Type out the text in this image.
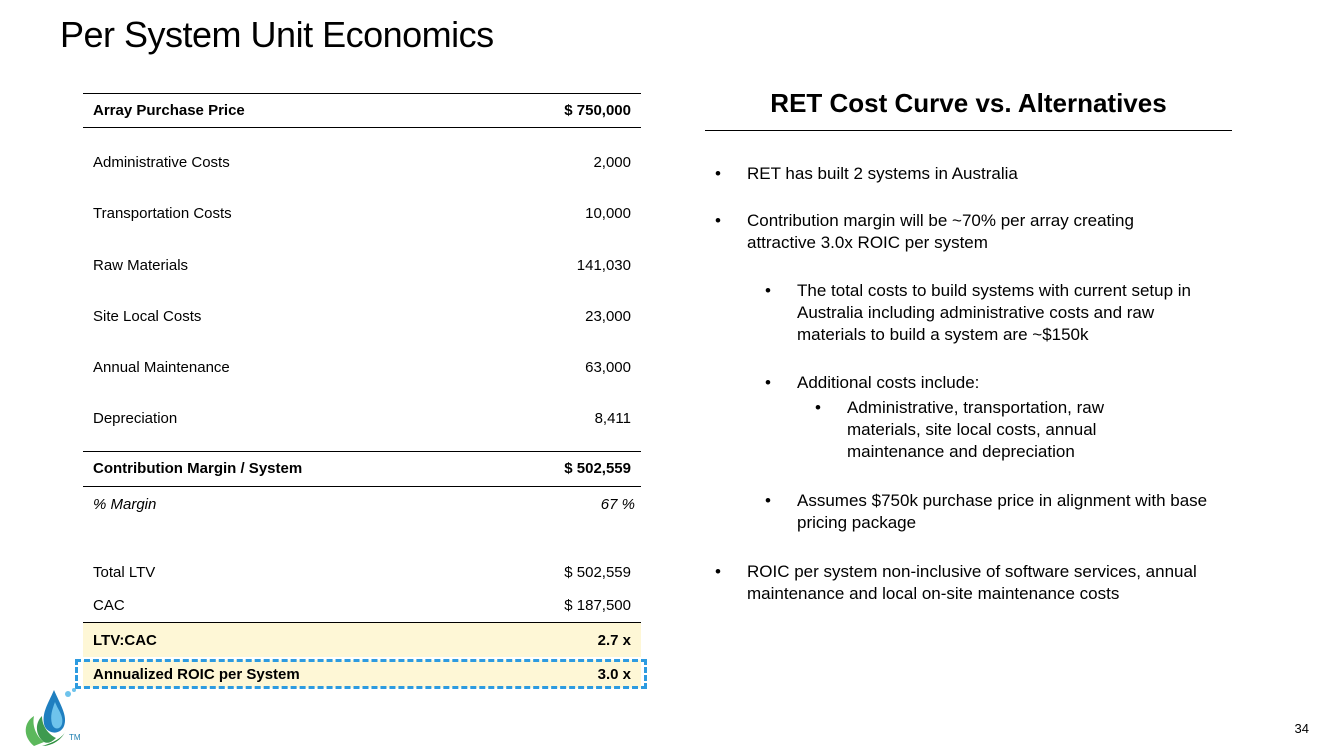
Per System Unit Economics
Array Purchase Price	$ 750,000
Administrative Costs	2,000
Transportation Costs	10,000
Raw Materials	141,030
Site Local Costs	23,000
Annual Maintenance	63,000
Depreciation	8,411
Contribution Margin / System	$ 502,559
% Margin	67 %
Total LTV	$ 502,559
CAC	$ 187,500
LTV:CAC	2.7 x
Annualized ROIC per System	3.0 x
RET Cost Curve vs. Alternatives
• RET has built 2 systems in Australia
• Contribution margin will be ~70% per array creating attractive 3.0x ROIC per system
• The total costs to build systems with current setup in Australia including administrative costs and raw materials to build a system are ~$150k
• Additional costs include:
• Administrative, transportation, raw materials, site local costs, annual maintenance and depreciation
• Assumes $750k purchase price in alignment with base pricing package
• ROIC per system non-inclusive of software services, annual maintenance and local on-site maintenance costs
TM
34
